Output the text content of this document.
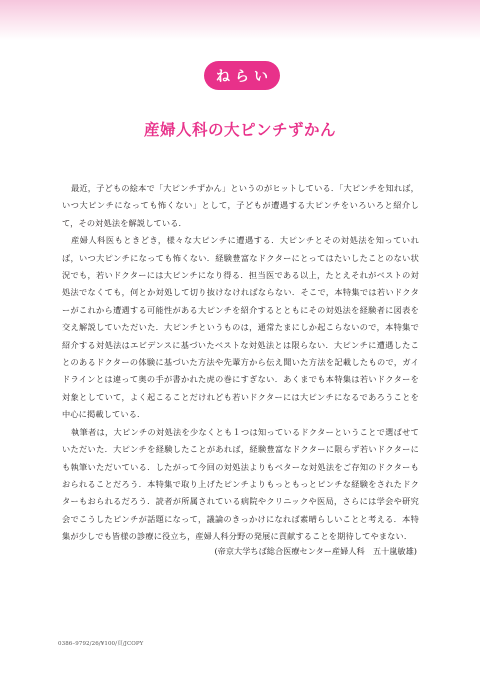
ねらい
産婦人科の大ピンチずかん

最近，子どもの絵本で「大ピンチずかん」というのがヒットしている．「大ピンチを知れば，いつ大ピンチになっても怖くない」として，子どもが遭遇する大ピンチをいろいろと紹介して，その対処法を解説している．

産婦人科医もときどき，様々な大ピンチに遭遇する．大ピンチとその対処法を知っていれば，いつ大ピンチになっても怖くない．経験豊富なドクターにとってはたいしたことのない状況でも，若いドクターには大ピンチになり得る．担当医である以上，たとえそれがベストの対処法でなくても，何とか対処して切り抜けなければならない．そこで，本特集では若いドクターがこれから遭遇する可能性がある大ピンチを紹介するとともにその対処法を経験者に図表を交え解説していただいた．大ピンチというものは，通常たまにしか起こらないので，本特集で紹介する対処法はエビデンスに基づいたベストな対処法とは限らない．大ピンチに遭遇したことのあるドクターの体験に基づいた方法や先輩方から伝え聞いた方法を記載したもので，ガイドラインとは違って奥の手が書かれた虎の巻にすぎない．あくまでも本特集は若いドクターを対象としていて，よく起こることだけれども若いドクターには大ピンチになるであろうことを中心に掲載している．

執筆者は，大ピンチの対処法を少なくとも１つは知っているドクターということで選ばせていただいた．大ピンチを経験したことがあれば，経験豊富なドクターに限らず若いドクターにも執筆いただいている．したがって今回の対処法よりもベターな対処法をご存知のドクターもおられることだろう．本特集で取り上げたピンチよりもっともっとピンチな経験をされたドクターもおられるだろう．読者が所属されている病院やクリニックや医局，さらには学会や研究会でこうしたピンチが話題になって，議論のきっかけになれば素晴らしいことと考える．本特集が少しでも皆様の診療に役立ち，産婦人科分野の発展に貢献することを期待してやまない．

(帝京大学ちば総合医療センター産婦人科　五十嵐敏雄)
0386–9792/26/¥100/頁/JCOPY
